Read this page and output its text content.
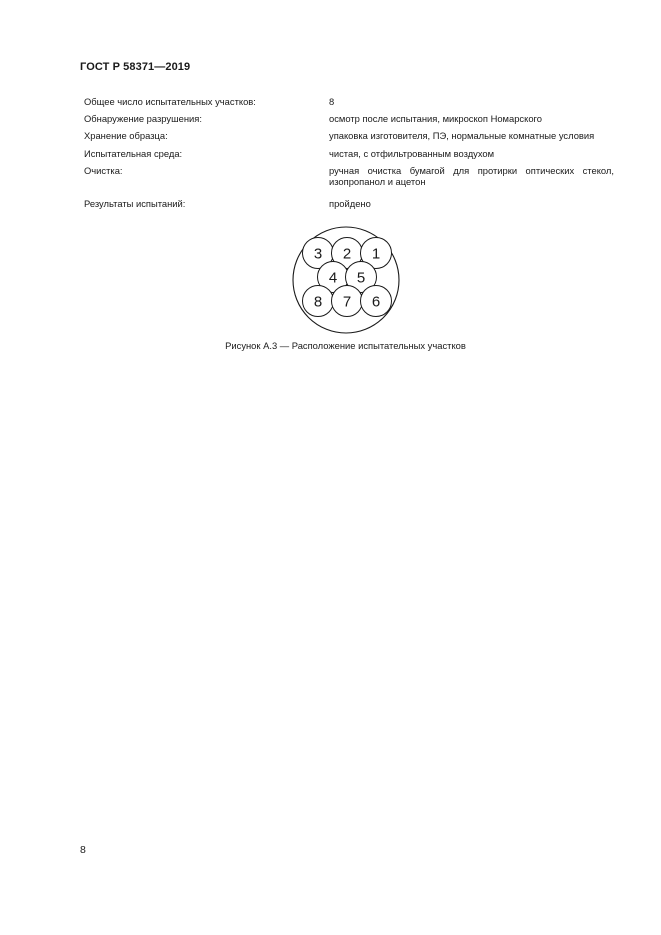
ГОСТ Р 58371—2019
Общее число испытательных участков:	8
Обнаружение разрушения:	осмотр после испытания, микроскоп Номарского
Хранение образца:	упаковка изготовителя, ПЭ, нормальные комнатные условия
Испытательная среда:	чистая, с отфильтрованным воздухом
Очистка:	ручная очистка бумагой для протирки оптических стекол, изопропанол и ацетон
Результаты испытаний:	пройдено
3 2 1
4 5
8 7 6
Рисунок А.3 — Расположение испытательных участков
8
